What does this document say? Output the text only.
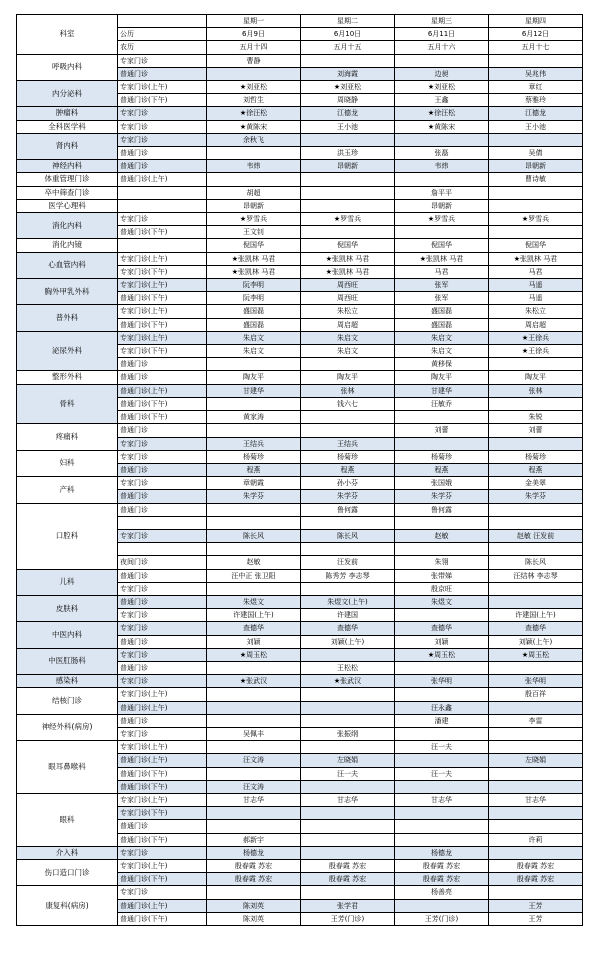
科室		星期一	星期二	星期三	星期四
	公历	6月9日	6月10日	6月11日	6月12日
	农历	五月十四	五月十五	五月十六	五月十七
呼吸内科	专家门诊	曹静			
	普通门诊		刘海霞	边昶	吴兆伟
内分泌科	专家门诊(上午)	★刘亚松	★刘亚松	★刘亚松	章红
	普通门诊(下午)	刘哲生	周晓静	王鑫	蔡雅玲
肿瘤科	专家门诊	★徐汪松	江德龙	★徐汪松	江德龙
全科医学科	专家门诊	★黄陈宋	王小池	★黄陈宋	王小池
肾内科	专家门诊	余秋飞			
	普通门诊		洪玉珍	张磊	吴倩
神经内科	普通门诊	韦炜	昂朝新	韦炜	昂朝新
体重管理门诊	普通门诊(上午)				曹诗敏
卒中筛查门诊		胡超		詹平平	
医学心理科		昂朝新		昂朝新	
消化内科	专家门诊	★罗雪兵	★罗雪兵	★罗雪兵	★罗雪兵
	普通门诊(下午)	王文钊			
消化内镜		倪国华	倪国华	倪国华	倪国华
心血管内科	专家门诊(上午)	★张凯林 马君	★张凯林 马君	★张凯林 马君	★张凯林 马君
	专家门诊(下午)	★张凯林 马君	★张凯林 马君	马君	马君
胸外甲乳外科	专家门诊(上午)	阮李明	周西旺	张军	马遥
	普通门诊(下午)	阮李明	周西旺	张军	马遥
普外科	专家门诊(上午)	盛国磊	朱松立	盛国磊	朱松立
	普通门诊(下午)	盛国磊	周启超	盛国磊	周启超
泌尿外科	专家门诊(上午)	朱启文	朱启文	朱启文	★王徐兵
	专家门诊(下午)	朱启文	朱启文	朱启文	★王徐兵
	普通门诊			黄移保	
整形外科	普通门诊	陶友平	陶友平	陶友平	陶友平
骨科	普通门诊(上午)	甘建华	张林	甘建华	张林
	普通门诊(下午)		钱六七	汪敏乔	
	普通门诊(下午)	黄家涛			朱锐
疼痛科	普通门诊			刘蕾	刘蕾
	专家门诊	王结兵	王结兵		
妇科	专家门诊	杨菊珍	杨菊珍	杨菊珍	杨菊珍
	普通门诊	程燕	程燕	程燕	程燕
产科	专家门诊	章朝霞	孙小芬	张国娥	金美翠
	普通门诊	朱学芬	朱学芬	朱学芬	朱学芬
口腔科	普通门诊		鲁何露	鲁何露	

	专家门诊	陈长风	陈长风	赵敏	赵敏 汪发前

	夜间门诊	赵敏	汪发前	朱翎	陈长风
儿科	普通门诊	汪中正 张卫阳	陈秀芳 李志琴	张带娣	汪结林 李志琴
	专家门诊			殷京旺	
皮肤科	普通门诊	朱煜文	朱煜文(上午)	朱煜文	
	专家门诊	许建国(上午)	许建国		许建国(上午)
中医内科	专家门诊	查德华	查德华	查德华	查德华
	普通门诊	刘颖	刘颖(上午)	刘颖	刘颖(上午)
中医肛肠科	专家门诊	★周玉松		★周玉松	★周玉松
	普通门诊		王松松		
感染科	专家门诊	★张武汉	★张武汉	张华明	张华明
结核门诊	专家门诊(上午)				殷百祥
	普通门诊(上午)			汪永鑫	
神经外科(病房)	普通门诊			潘建	李雷
	专家门诊	吴佩丰	张振纲		
眼耳鼻喉科	专家门诊(上午)			汪一夫	
	普通门诊(上午)	汪文涛	左晓娟		左晓娟
	普通门诊(下午)		汪一夫	汪一夫	
	普通门诊(下午)	汪文涛			
眼科	专家门诊(上午)	甘志华	甘志华	甘志华	甘志华
	专家门诊(下午)				
	普通门诊				
	普通门诊(下午)	郝新宇			许莉
介入科	专家门诊	杨德龙		杨德龙	
伤口造口门诊	专家门诊(上午)	殷春霞 苏宏	殷春霞 苏宏	殷春霞 苏宏	殷春霞 苏宏
	普通门诊(下午)	殷春霞 苏宏	殷春霞 苏宏	殷春霞 苏宏	殷春霞 苏宏
康复科(病房)	专家门诊			杨善亮	
	普通门诊(上午)	陈刘英	张学君		王芳
	普通门诊(下午)	陈刘英	王芳(门诊)	王芳(门诊)	王芳
